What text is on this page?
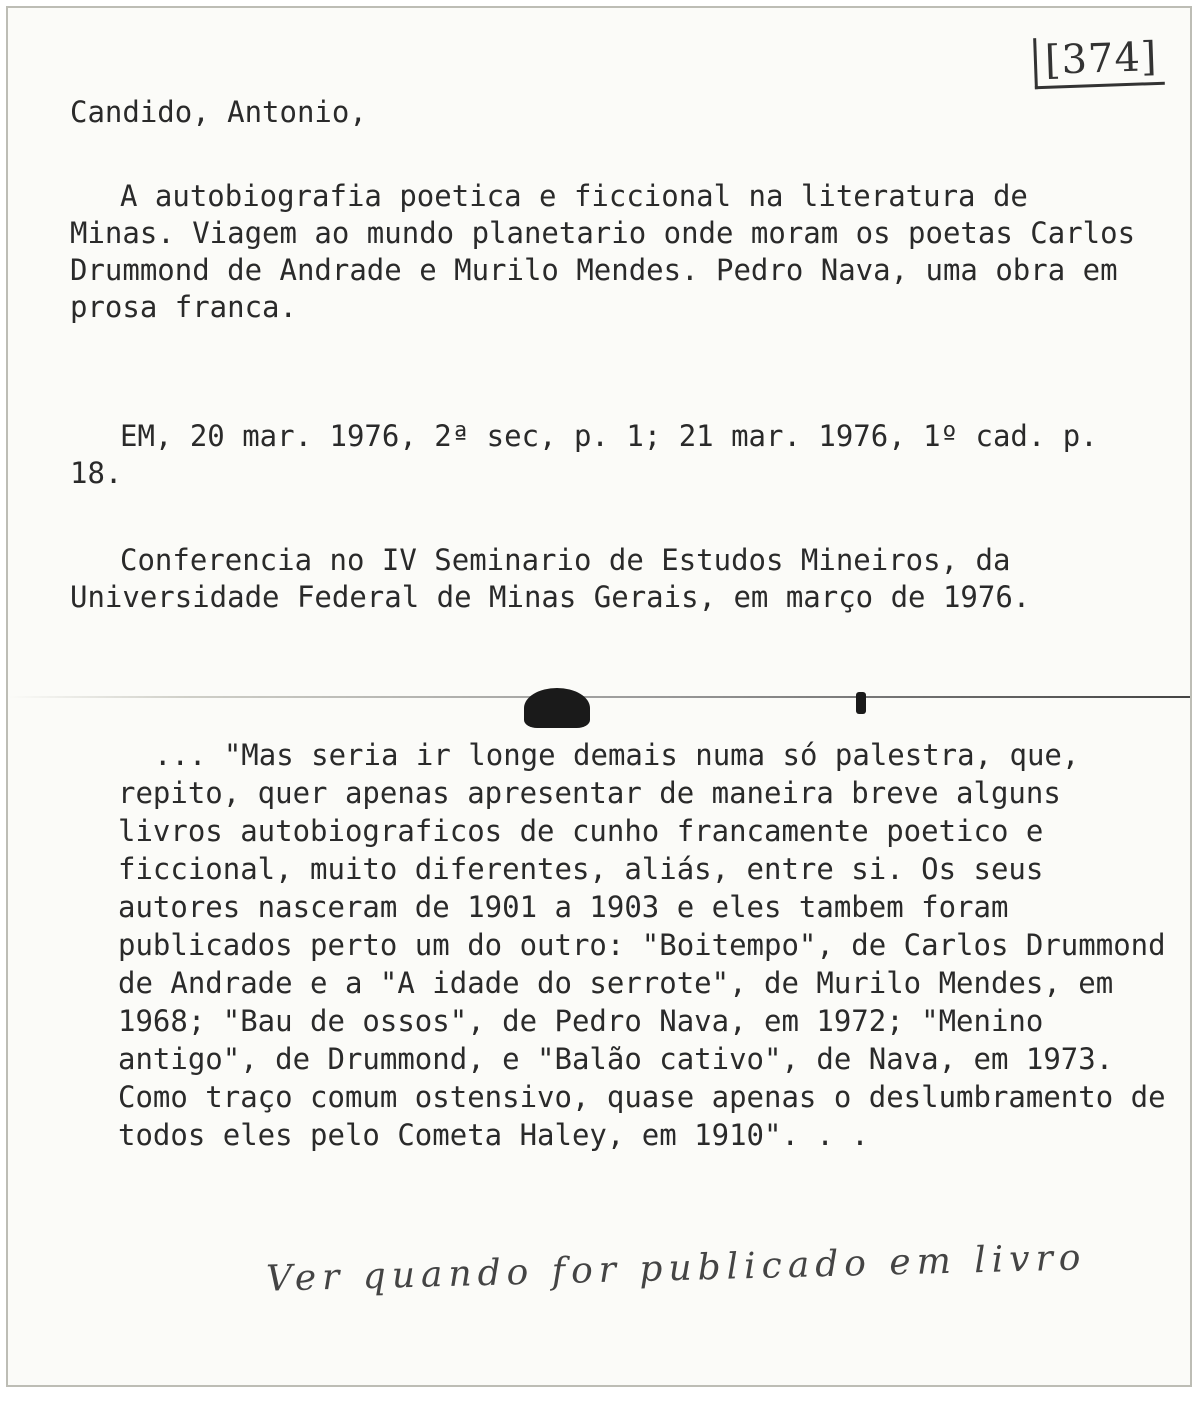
[374]

Candido, Antonio,

A autobiografia poetica e ficcional na literatura de Minas. Viagem ao mundo planetario onde moram os poetas Carlos Drummond de Andrade e Murilo Mendes. Pedro Nava, uma obra em prosa franca.

EM, 20 mar. 1976, 2ª sec, p. 1; 21 mar. 1976, 1º cad. p. 18.

Conferencia no IV Seminario de Estudos Mineiros, da Universidade Federal de Minas Gerais, em março de 1976.

... "Mas seria ir longe demais numa só palestra, que, repito, quer apenas apresentar de maneira breve alguns livros autobiograficos de cunho francamente poetico e ficcional, muito diferentes, aliás, entre si. Os seus autores nasceram de 1901 a 1903 e eles tambem foram publicados perto um do outro: "Boitempo", de Carlos Drummond de Andrade e a "A idade do serrote", de Murilo Mendes, em 1968; "Bau de ossos", de Pedro Nava, em 1972; "Menino antigo", de Drummond, e "Balão cativo", de Nava, em 1973. Como traço comum ostensivo, quase apenas o deslumbramento de todos eles pelo Cometa Haley, em 1910". . .

Ver quando for publicado em livro
